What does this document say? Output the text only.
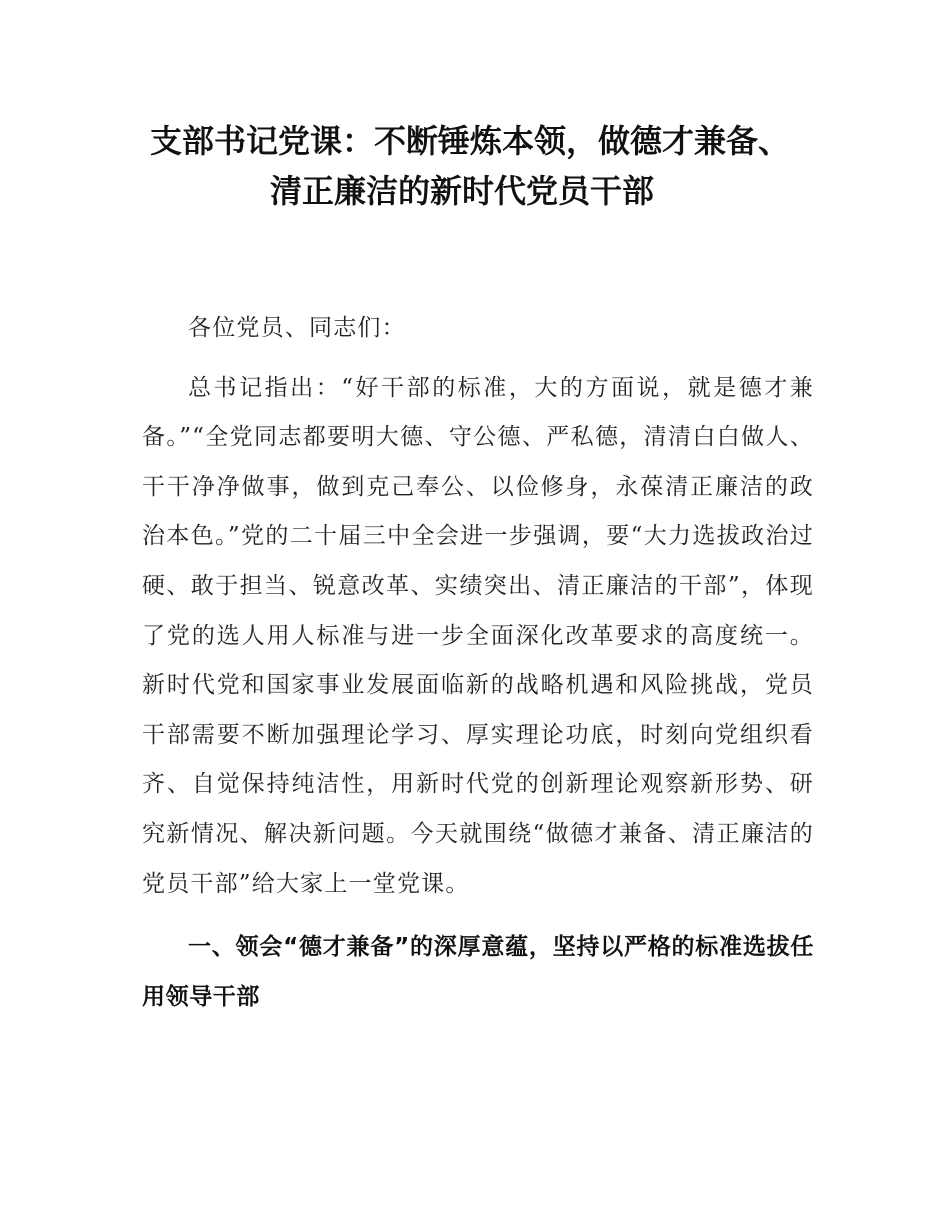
支部书记党课：不断锤炼本领，做德才兼备、
清正廉洁的新时代党员干部

各位党员、同志们：

总书记指出：“好干部的标准，大的方面说，就是德才兼备。”“全党同志都要明大德、守公德、严私德，清清白白做人、干干净净做事，做到克己奉公、以俭修身，永葆清正廉洁的政治本色。”党的二十届三中全会进一步强调，要“大力选拔政治过硬、敢于担当、锐意改革、实绩突出、清正廉洁的干部”，体现了党的选人用人标准与进一步全面深化改革要求的高度统一。新时代党和国家事业发展面临新的战略机遇和风险挑战，党员干部需要不断加强理论学习、厚实理论功底，时刻向党组织看齐、自觉保持纯洁性，用新时代党的创新理论观察新形势、研究新情况、解决新问题。今天就围绕“做德才兼备、清正廉洁的党员干部”给大家上一堂党课。

一、领会“德才兼备”的深厚意蕴，坚持以严格的标准选拔任用领导干部
